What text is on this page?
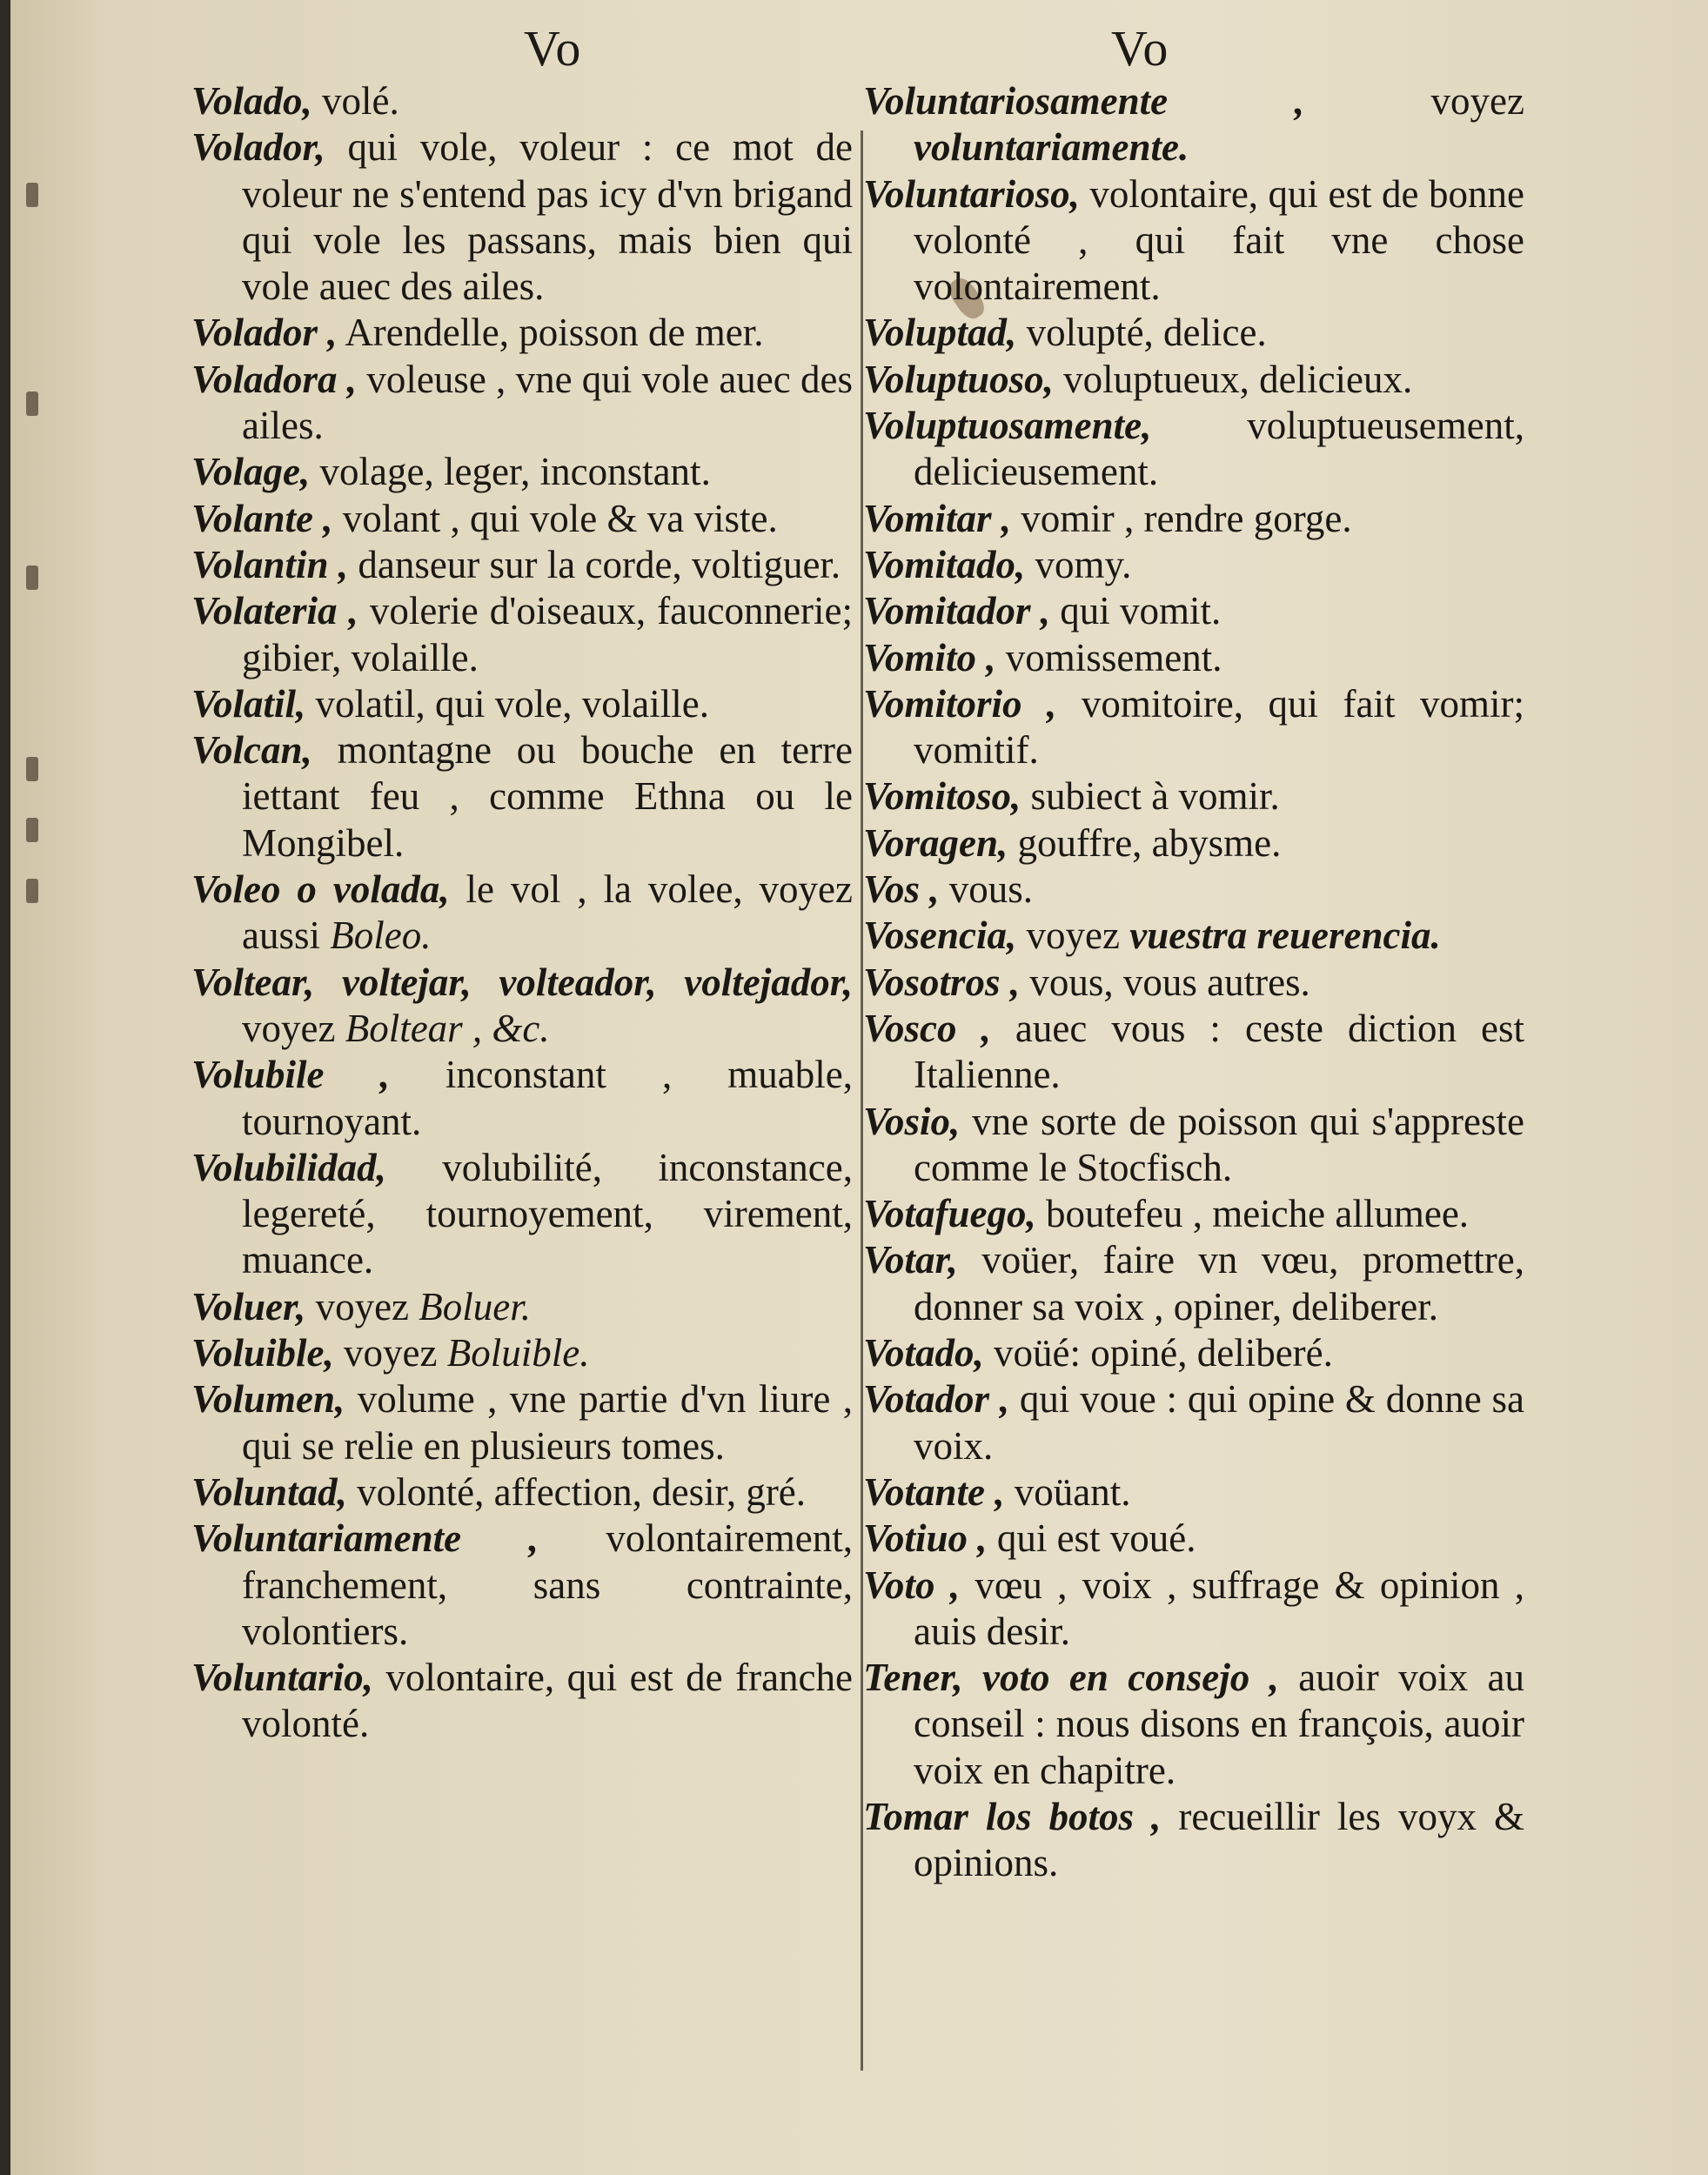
Vo	Vo
Volado, volé.
Volador, qui vole, voleur : ce mot de voleur ne s'entend pas icy d'vn brigand qui vole les passans, mais bien qui vole auec des ailes.
Volador , Arendelle, poisson de mer.
Voladora , voleuse , vne qui vole auec des ailes.
Volage, volage, leger, inconstant.
Volante , volant , qui vole & va viste.
Volantin , danseur sur la corde, voltiguer.
Volateria , volerie d'oiseaux, fauconnerie; gibier, volaille.
Volatil, volatil, qui vole, volaille.
Volcan, montagne ou bouche en terre iettant feu , comme Ethna ou le Mongibel.
Voleo o volada, le vol , la volee, voyez aussi Boleo.
Voltear, voltejar, volteador, voltejador, voyez Boltear , &c.
Volubile , inconstant , muable, tournoyant.
Volubilidad, volubilité, inconstance, legereté, tournoyement, virement, muance.
Voluer, voyez Boluer.
Voluible, voyez Boluible.
Volumen, volume , vne partie d'vn liure , qui se relie en plusieurs tomes.
Voluntad, volonté, affection, desir, gré.
Voluntariamente , volontairement, franchement, sans contrainte, volontiers.
Voluntario, volontaire, qui est de franche volonté.
Voluntariosamente , voyez voluntariamente.
Voluntarioso, volontaire, qui est de bonne volonté , qui fait vne chose volontairement.
Voluptad, volupté, delice.
Voluptuoso, voluptueux, delicieux.
Voluptuosamente, voluptueusement, delicieusement.
Vomitar , vomir , rendre gorge.
Vomitado, vomy.
Vomitador , qui vomit.
Vomito , vomissement.
Vomitorio , vomitoire, qui fait vomir; vomitif.
Vomitoso, subiect à vomir.
Voragen, gouffre, abysme.
Vos , vous.
Vosencia, voyez vuestra reuerencia.
Vosotros , vous, vous autres.
Vosco , auec vous : ceste diction est Italienne.
Vosio, vne sorte de poisson qui s'appreste comme le Stocfisch.
Votafuego, boutefeu , meiche allumee.
Votar, voüer, faire vn vœu, promettre, donner sa voix , opiner, deliberer.
Votado, voüé: opiné, deliberé.
Votador , qui voue : qui opine & donne sa voix.
Votante , voüant.
Votiuo , qui est voué.
Voto , vœu , voix , suffrage & opinion , auis desir.
Tener, voto en consejo , auoir voix au conseil : nous disons en françois, auoir voix en chapitre.
Tomar los botos , recueillir les voyx & opinions.
